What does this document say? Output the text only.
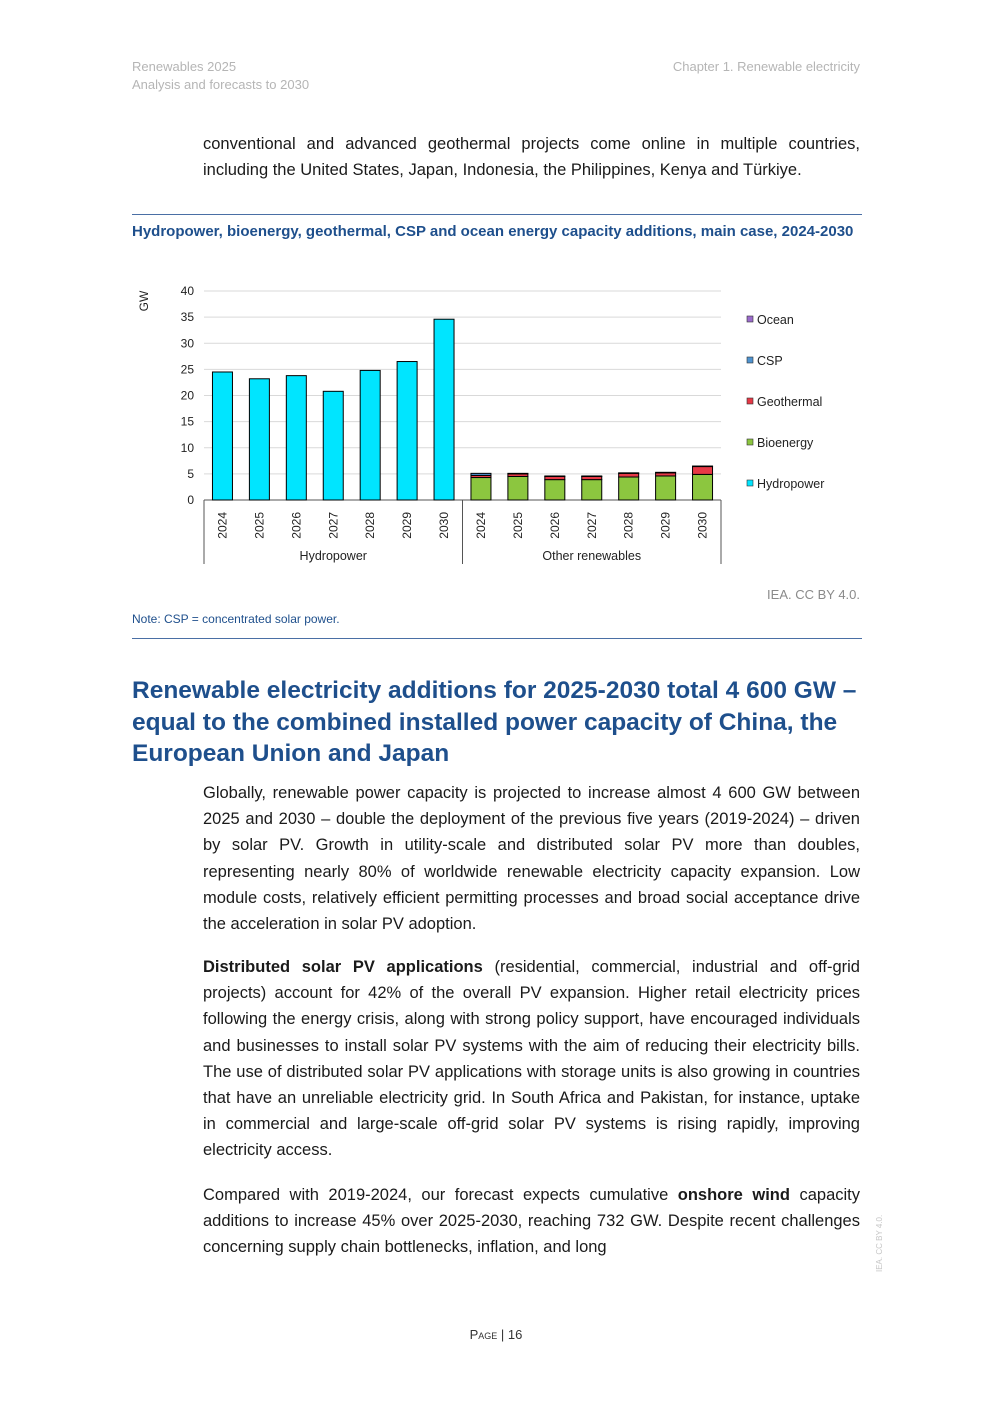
Renewables 2025
Analysis and forecasts to 2030
Chapter 1. Renewable electricity

conventional and advanced geothermal projects come online in multiple countries, including the United States, Japan, Indonesia, the Philippines, Kenya and Türkiye.

Hydropower, bioenergy, geothermal, CSP and ocean energy capacity additions, main case, 2024-2030
0
5
10
15
20
25
30
35
40
GW
2024 2025 2026 2027 2028 2029 2030 2024 2025 2026 2027 2028 2029 2030
Hydropower	Other renewables
Ocean
CSP
Geothermal
Bioenergy
Hydropower
IEA. CC BY 4.0.
Note: CSP = concentrated solar power.
Renewable electricity additions for 2025-2030 total 4 600 GW – equal to the combined installed power capacity of China, the European Union and Japan

Globally, renewable power capacity is projected to increase almost 4 600 GW between 2025 and 2030 – double the deployment of the previous five years (2019-2024) – driven by solar PV. Growth in utility-scale and distributed solar PV more than doubles, representing nearly 80% of worldwide renewable electricity capacity expansion. Low module costs, relatively efficient permitting processes and broad social acceptance drive the acceleration in solar PV adoption.

Distributed solar PV applications (residential, commercial, industrial and off-grid projects) account for 42% of the overall PV expansion. Higher retail electricity prices following the energy crisis, along with strong policy support, have encouraged individuals and businesses to install solar PV systems with the aim of reducing their electricity bills. The use of distributed solar PV applications with storage units is also growing in countries that have an unreliable electricity grid. In South Africa and Pakistan, for instance, uptake in commercial and large-scale off-grid solar PV systems is rising rapidly, improving electricity access.

Compared with 2019-2024, our forecast expects cumulative onshore wind capacity additions to increase 45% over 2025-2030, reaching 732 GW. Despite recent challenges concerning supply chain bottlenecks, inflation, and long

Page | 16
IEA. CC BY 4.0.
